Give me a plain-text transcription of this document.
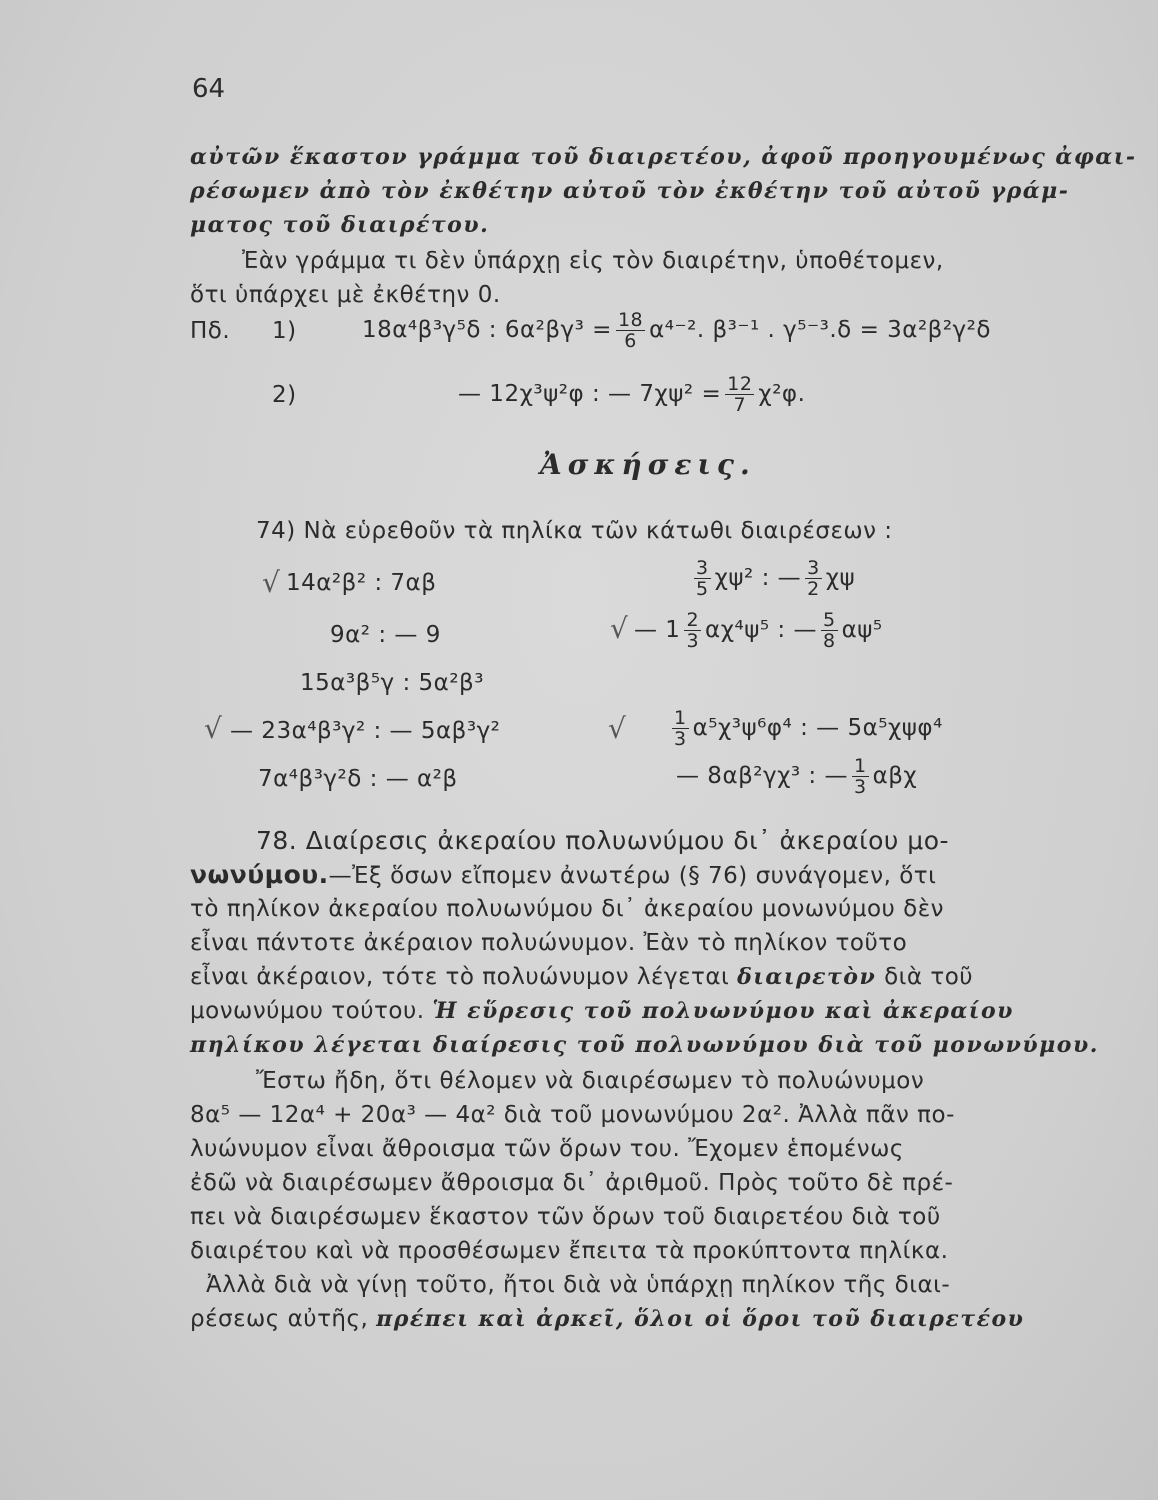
64
αὐτῶν ἕκαστον γράμμα τοῦ διαιρετέου, ἀφοῦ προηγουμένως ἀφαι-
ρέσωμεν ἀπὸ τὸν ἐκθέτην αὐτοῦ τὸν ἐκθέτην τοῦ αὐτοῦ γράμ-
ματος τοῦ διαιρέτου.
Ἐὰν γράμμα τι δὲν ὑπάρχῃ εἰς τὸν διαιρέτην, ὑποθέτομεν,
ὅτι ὑπάρχει μὲ ἐκθέτην 0.
Πδ. 1)	18α⁴β³γ⁵δ : $6\alpha^2\beta\gamma^3 = \frac{18}{6} \alpha^{4-2}$. β³⁻¹ . γ⁵⁻³.δ = 3α²β²γ²δ
2)	— 12χ³ψ²φ : — $7\chi\psi^2 = \frac{12}{7} \chi^2\varphi$.
Ἀσκήσεις.
74) Νὰ εὑρεθοῦν τὰ πηλίκα τῶν κάτωθι διαιρέσεων :
√ 14α²β² : 7αβ
9α² : — 9
15α³β⁵γ : 5α²β³
√ — 23α⁴β³γ² : — 5αβ³γ²
7α⁴β³γ²δ : — α²β
$\frac{3}{5} \chi\psi^2$ : — $\frac{3}{2}$ χψ
√ — $1 \frac{2}{3} \alpha\chi^4\psi^5$ : — $\frac{5}{8} \alpha\psi^5$
√ $\frac{1}{3} \alpha^5\chi^3\psi^6\varphi^4$ : — 5α⁵χψφ⁴
— 8αβ²γχ³ : — $\frac{1}{3}$ αβχ
78. Διαίρεσις ἀκεραίου πολυωνύμου δι᾽ ἀκεραίου μο-
νωνύμου.—Ἐξ ὅσων εἴπομεν ἀνωτέρω (§ 76) συνάγομεν, ὅτι
τὸ πηλίκον ἀκεραίου πολυωνύμου δι᾽ ἀκεραίου μονωνύμου δὲν
εἶναι πάντοτε ἀκέραιον πολυώνυμον. Ἐὰν τὸ πηλίκον τοῦτο
εἶναι ἀκέραιον, τότε τὸ πολυώνυμον λέγεται διαιρετὸν διὰ τοῦ
μονωνύμου τούτου. Ἡ εὕρεσις τοῦ πολυωνύμου καὶ ἀκεραίου
πηλίκου λέγεται διαίρεσις τοῦ πολυωνύμου διὰ τοῦ μονωνύμου.
Ἔστω ἤδη, ὅτι θέλομεν νὰ διαιρέσωμεν τὸ πολυώνυμον
8α⁵ — 12α⁴ + 20α³ — 4α² διὰ τοῦ μονωνύμου 2α². Ἀλλὰ πᾶν πο-
λυώνυμον εἶναι ἄθροισμα τῶν ὅρων του. Ἔχομεν ἑπομένως
ἐδῶ νὰ διαιρέσωμεν ἄθροισμα δι᾽ ἀριθμοῦ. Πρὸς τοῦτο δὲ πρέ-
πει νὰ διαιρέσωμεν ἕκαστον τῶν ὅρων τοῦ διαιρετέου διὰ τοῦ
διαιρέτου καὶ νὰ προσθέσωμεν ἔπειτα τὰ προκύπτοντα πηλίκα.
Ἀλλὰ διὰ νὰ γίνῃ τοῦτο, ἤτοι διὰ νὰ ὑπάρχῃ πηλίκον τῆς διαι-
ρέσεως αὐτῆς, πρέπει καὶ ἀρκεῖ, ὅλοι οἱ ὅροι τοῦ διαιρετέου
